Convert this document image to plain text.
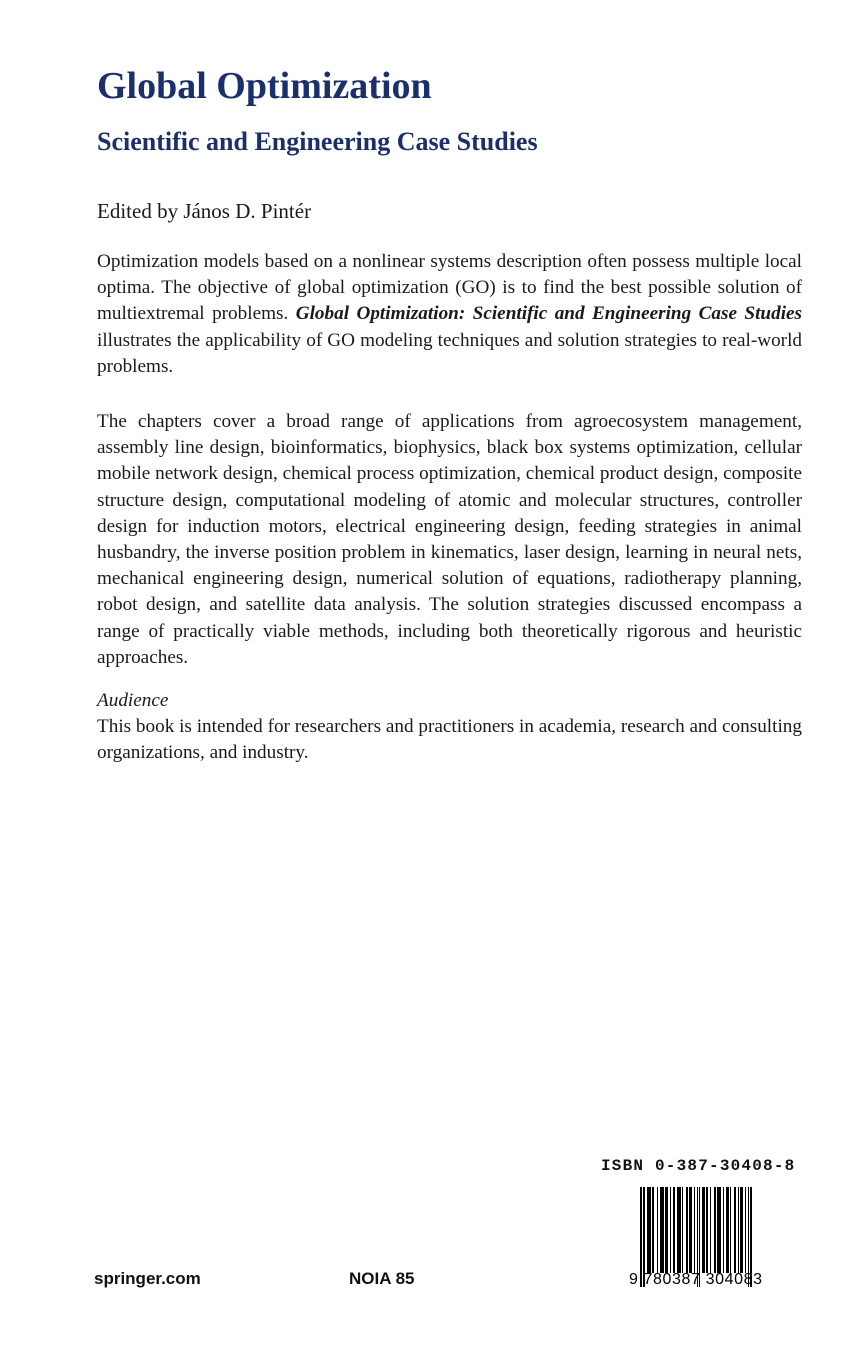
Global Optimization
Scientific and Engineering Case Studies

Edited by János D. Pintér

Optimization models based on a nonlinear systems description often possess multiple local optima. The objective of global optimization (GO) is to find the best possible solution of multiextremal problems. Global Optimization: Scientific and Engineering Case Studies illustrates the applicability of GO modeling techniques and solution strategies to real-world problems.

The chapters cover a broad range of applications from agroecosystem management, assembly line design, bioinformatics, biophysics, black box systems optimization, cellular mobile network design, chemical process optimization, chemical product design, composite structure design, computational modeling of atomic and molecular structures, controller design for induction motors, electrical engineering design, feeding strategies in animal husbandry, the inverse position problem in kinematics, laser design, learning in neural nets, mechanical engineering design, numerical solution of equations, radiotherapy planning, robot design, and satellite data analysis. The solution strategies discussed encompass a range of practically viable methods, including both theoretically rigorous and heuristic approaches.

Audience

This book is intended for researchers and practitioners in academia, research and consulting organizations, and industry.

ISBN 0-387-30408-8
9 780387 304083
springer.com	NOIA 85
